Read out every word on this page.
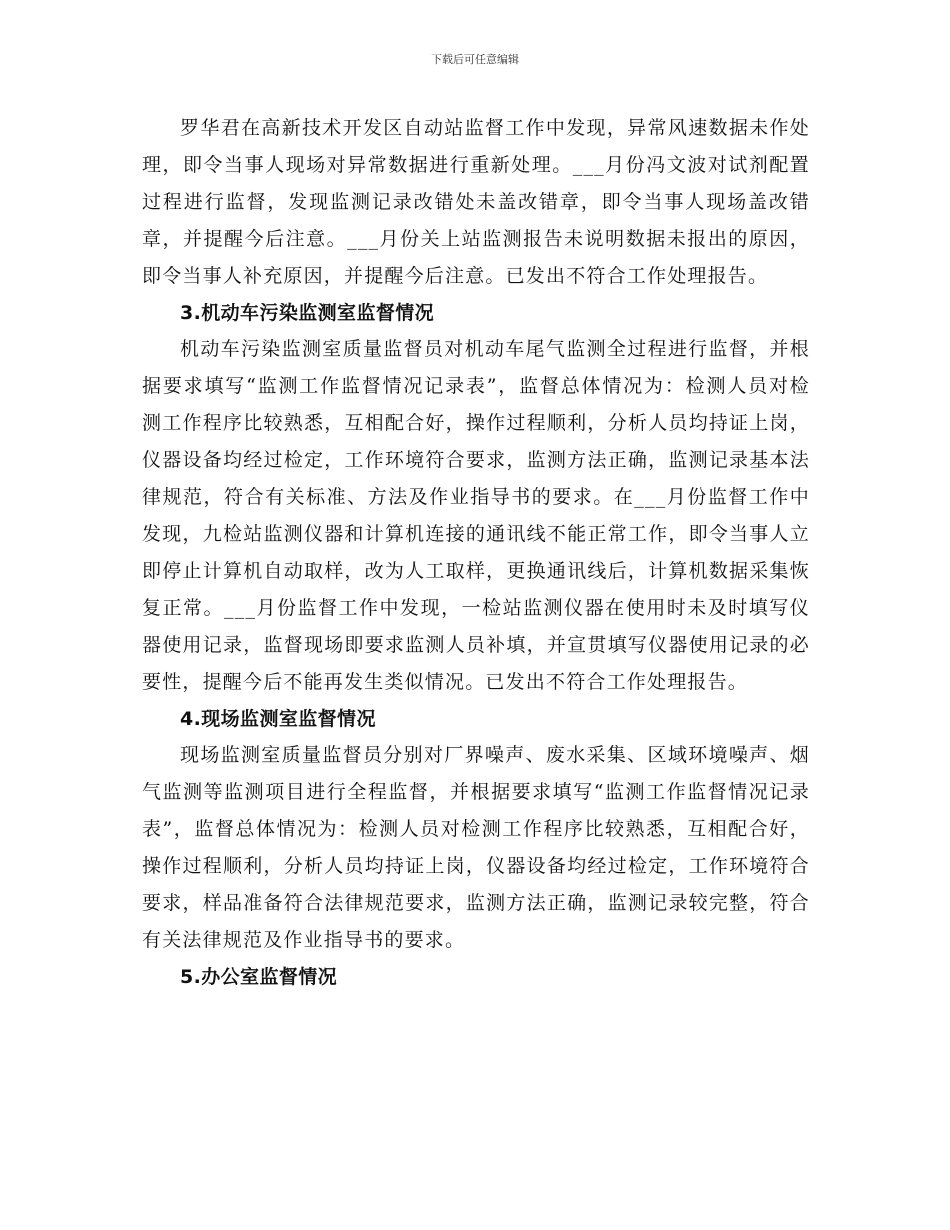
下载后可任意编辑

罗华君在高新技术开发区自动站监督工作中发现，异常风速数据未作处理，即令当事人现场对异常数据进行重新处理。___月份冯文波对试剂配置过程进行监督，发现监测记录改错处未盖改错章，即令当事人现场盖改错章，并提醒今后注意。___月份关上站监测报告未说明数据未报出的原因，即令当事人补充原因，并提醒今后注意。已发出不符合工作处理报告。

3.机动车污染监测室监督情况

机动车污染监测室质量监督员对机动车尾气监测全过程进行监督，并根据要求填写“监测工作监督情况记录表”，监督总体情况为：检测人员对检测工作程序比较熟悉，互相配合好，操作过程顺利，分析人员均持证上岗，仪器设备均经过检定，工作环境符合要求，监测方法正确，监测记录基本法律规范，符合有关标准、方法及作业指导书的要求。在___月份监督工作中发现，九检站监测仪器和计算机连接的通讯线不能正常工作，即令当事人立即停止计算机自动取样，改为人工取样，更换通讯线后，计算机数据采集恢复正常。___月份监督工作中发现，一检站监测仪器在使用时未及时填写仪器使用记录，监督现场即要求监测人员补填，并宣贯填写仪器使用记录的必要性，提醒今后不能再发生类似情况。已发出不符合工作处理报告。

4.现场监测室监督情况

现场监测室质量监督员分别对厂界噪声、废水采集、区域环境噪声、烟气监测等监测项目进行全程监督，并根据要求填写“监测工作监督情况记录表”，监督总体情况为：检测人员对检测工作程序比较熟悉，互相配合好，操作过程顺利，分析人员均持证上岗，仪器设备均经过检定，工作环境符合要求，样品准备符合法律规范要求，监测方法正确，监测记录较完整，符合有关法律规范及作业指导书的要求。

5.办公室监督情况
